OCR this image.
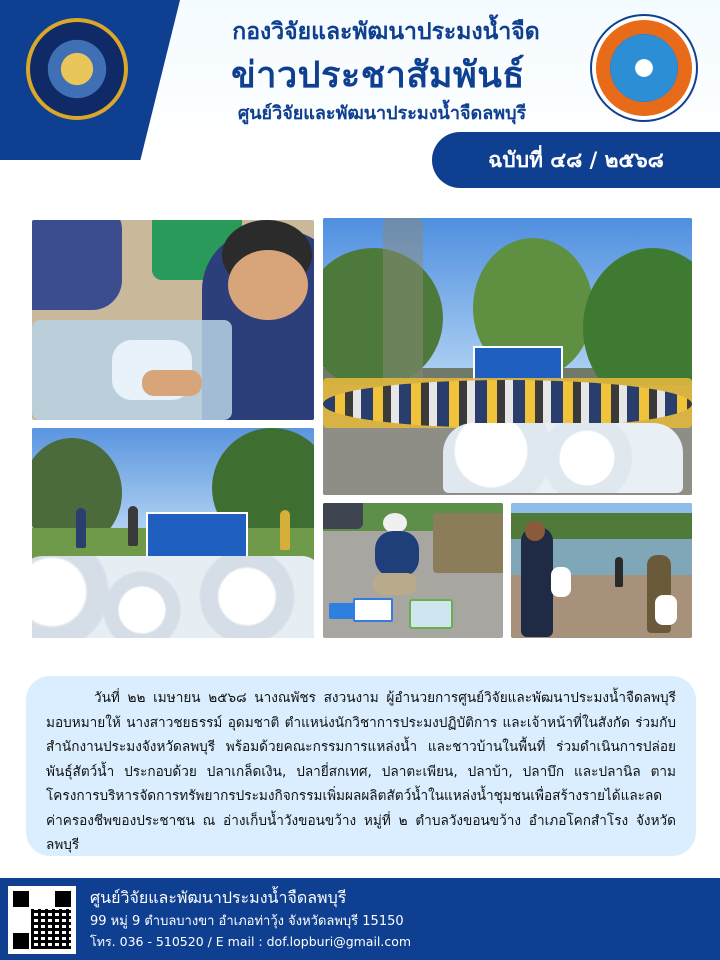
กองวิจัยและพัฒนาประมงน้ำจืด
ข่าวประชาสัมพันธ์
ศูนย์วิจัยและพัฒนาประมงน้ำจืดลพบุรี
ฉบับที่ ๔๘ / ๒๕๖๘

วันที่ ๒๒ เมษายน ๒๕๖๘ นางณพัชร สงวนงาม ผู้อำนวยการศูนย์วิจัยและพัฒนาประมงน้ำจืดลพบุรี มอบหมายให้ นางสาวชยธรรม์ อุดมชาติ ตำแหน่งนักวิชาการประมงปฏิบัติการ และเจ้าหน้าที่ในสังกัด ร่วมกับสำนักงานประมงจังหวัดลพบุรี พร้อมด้วยคณะกรรมการแหล่งน้ำ และชาวบ้านในพื้นที่ ร่วมดำเนินการปล่อยพันธุ์สัตว์น้ำ ประกอบด้วย ปลาเกล็ดเงิน, ปลายี่สกเทศ, ปลาตะเพียน, ปลาบ้า, ปลาบึก และปลานิล ตามโครงการบริหารจัดการทรัพยากรประมงกิจกรรมเพิ่มผลผลิตสัตว์น้ำในแหล่งน้ำชุมชนเพื่อสร้างรายได้และลดค่าครองชีพของประชาชน ณ อ่างเก็บน้ำวังขอนขว้าง หมู่ที่ ๒ ตำบลวังขอนขว้าง อำเภอโคกสำโรง จังหวัดลพบุรี

ศูนย์วิจัยและพัฒนาประมงน้ำจืดลพบุรี
99 หมู่ 9 ตำบลบางขา อำเภอท่าวุ้ง จังหวัดลพบุรี 15150
โทร. 036 - 510520 / E mail : dof.lopburi@gmail.com
